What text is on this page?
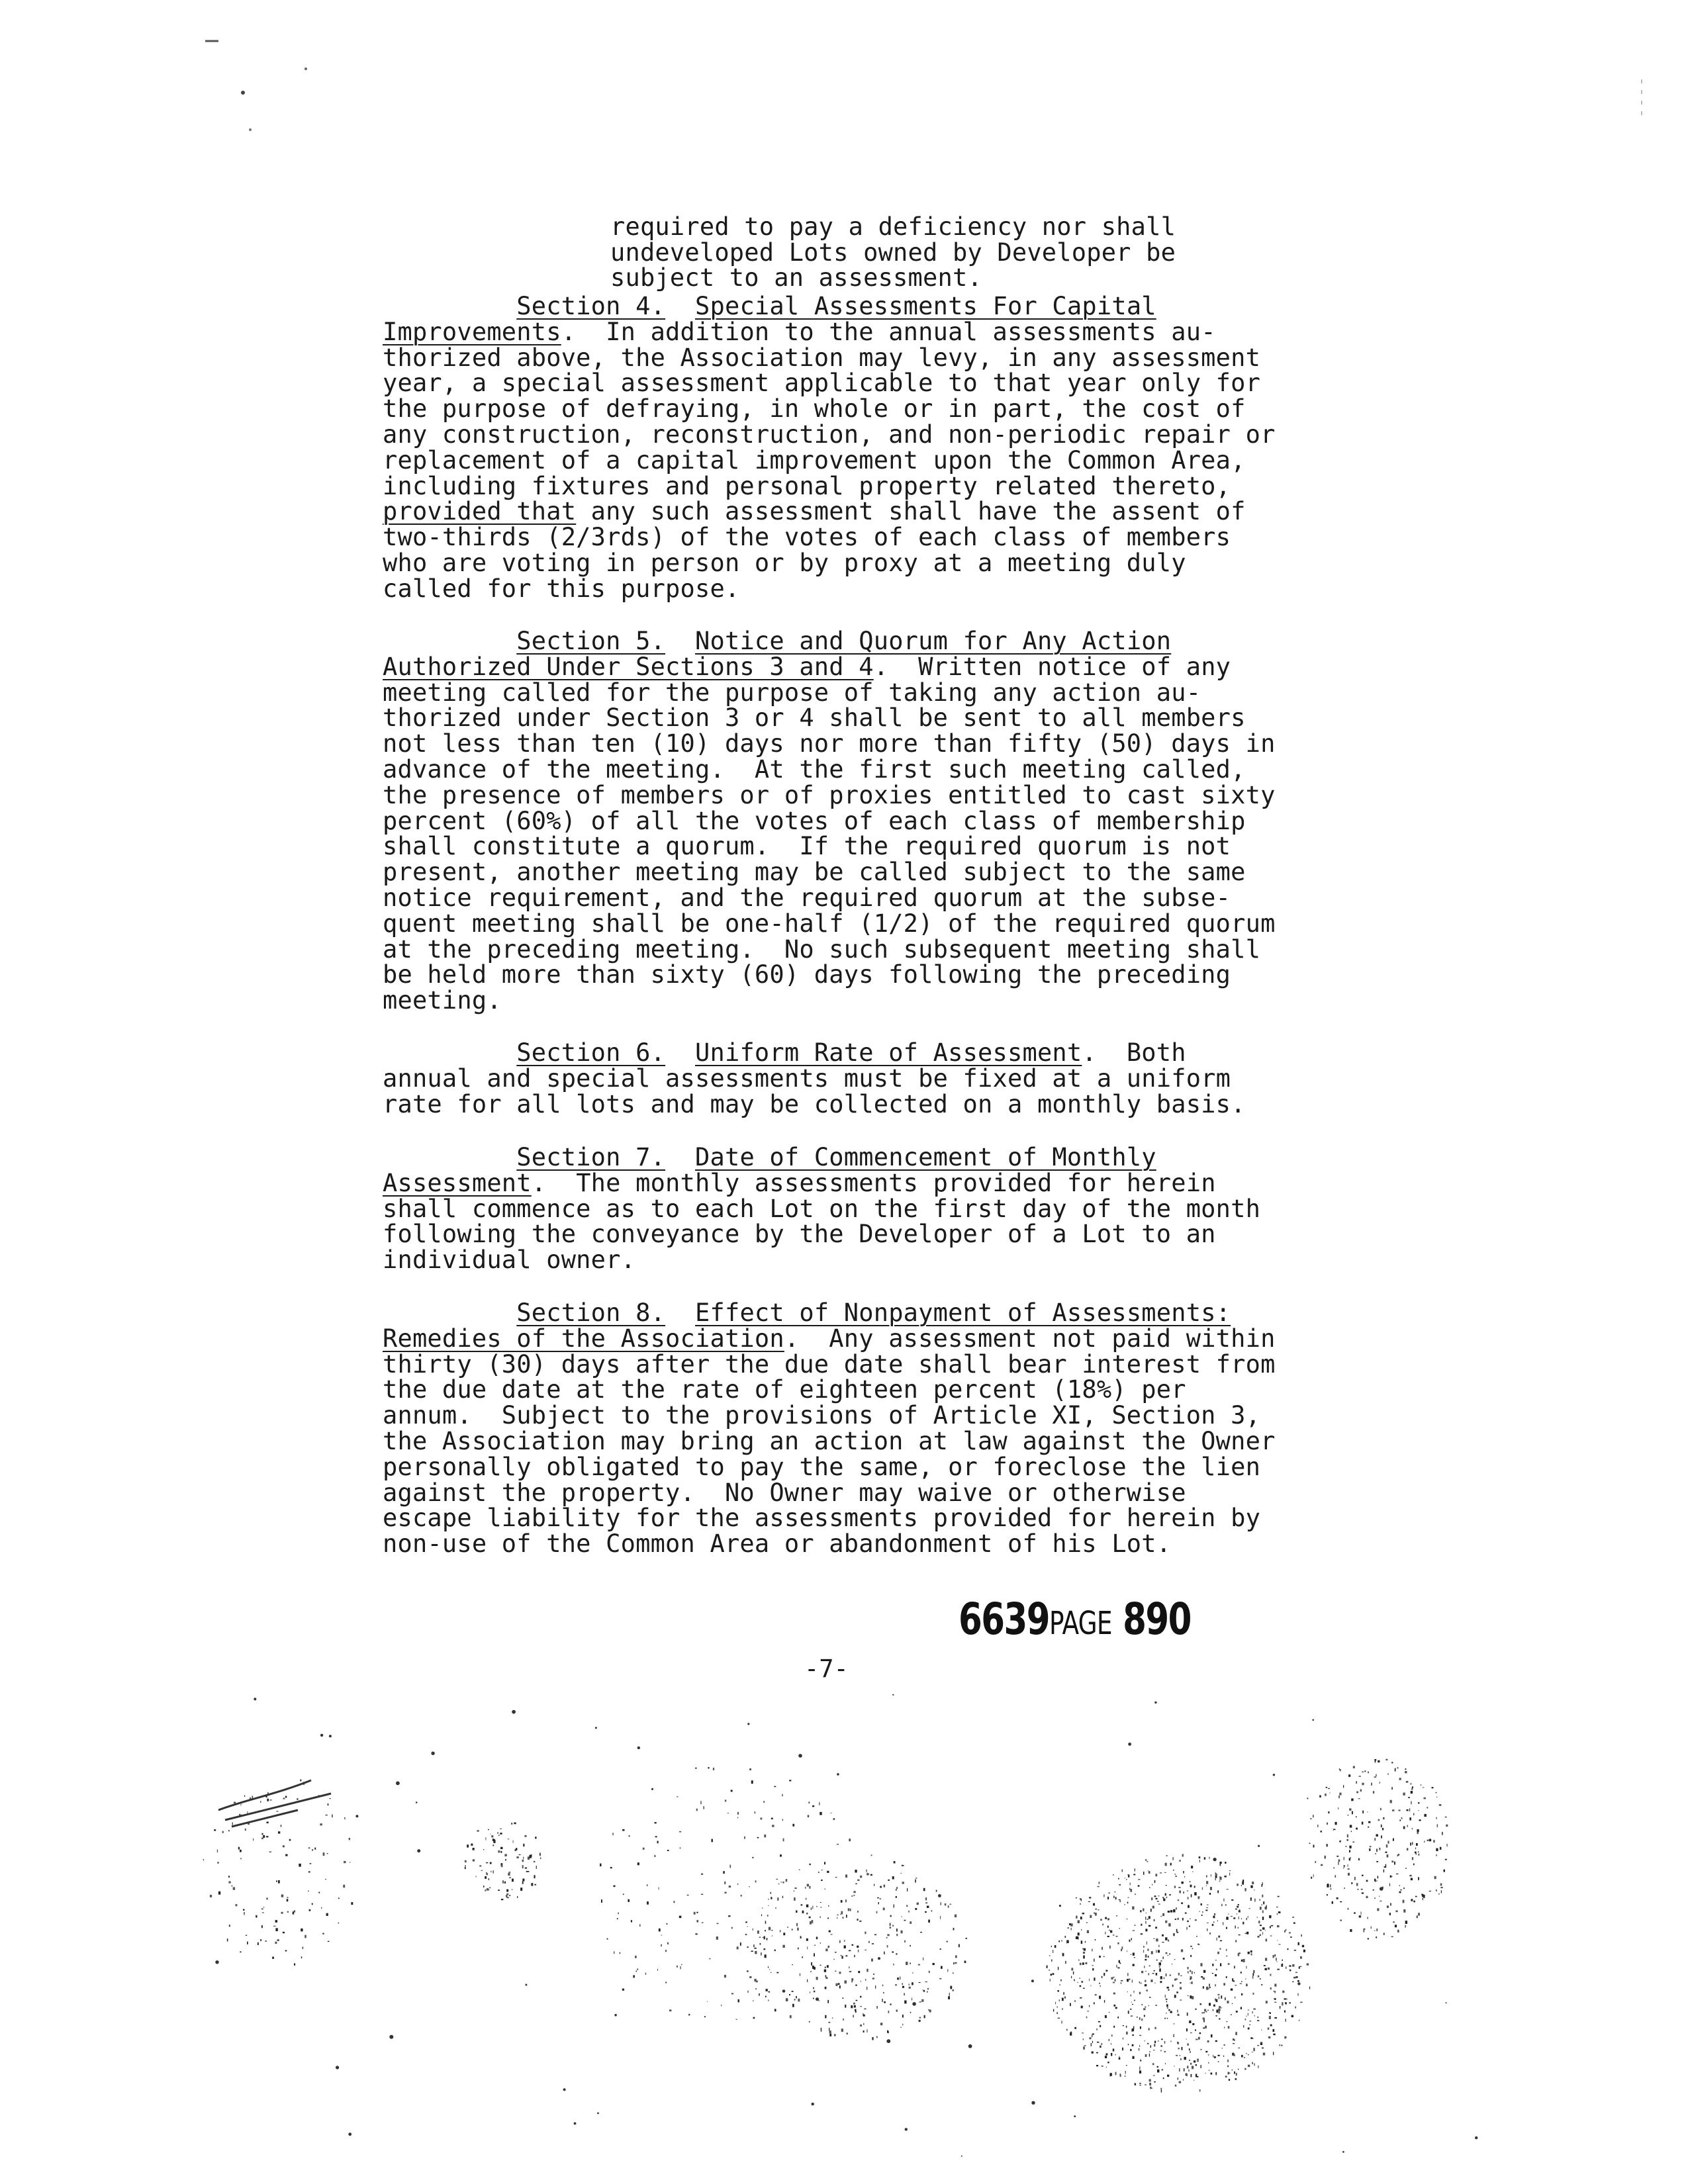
required to pay a deficiency nor shall
undeveloped Lots owned by Developer be
subject to an assessment.
Section 4. Special Assessments For Capital
Improvements.  In addition to the annual assessments au-
thorized above, the Association may levy, in any assessment
year, a special assessment applicable to that year only for
the purpose of defraying, in whole or in part, the cost of
any construction, reconstruction, and non-periodic repair or
replacement of a capital improvement upon the Common Area,
including fixtures and personal property related thereto,
provided that any such assessment shall have the assent of
two-thirds (2/3rds) of the votes of each class of members
who are voting in person or by proxy at a meeting duly
called for this purpose.
Section 5. Notice and Quorum for Any Action
Authorized Under Sections 3 and 4.  Written notice of any
meeting called for the purpose of taking any action au-
thorized under Section 3 or 4 shall be sent to all members
not less than ten (10) days nor more than fifty (50) days in
advance of the meeting.  At the first such meeting called,
the presence of members or of proxies entitled to cast sixty
percent (60%) of all the votes of each class of membership
shall constitute a quorum.  If the required quorum is not
present, another meeting may be called subject to the same
notice requirement, and the required quorum at the subse-
quent meeting shall be one-half (1/2) of the required quorum
at the preceding meeting.  No such subsequent meeting shall
be held more than sixty (60) days following the preceding
meeting.
Section 6. Uniform Rate of Assessment.  Both
annual and special assessments must be fixed at a uniform
rate for all lots and may be collected on a monthly basis.
Section 7. Date of Commencement of Monthly
Assessment.  The monthly assessments provided for herein
shall commence as to each Lot on the first day of the month
following the conveyance by the Developer of a Lot to an
individual owner.
Section 8. Effect of Nonpayment of Assessments:
Remedies of the Association.  Any assessment not paid within
thirty (30) days after the due date shall bear interest from
the due date at the rate of eighteen percent (18%) per
annum.  Subject to the provisions of Article XI, Section 3,
the Association may bring an action at law against the Owner
personally obligated to pay the same, or foreclose the lien
against the property.  No Owner may waive or otherwise
escape liability for the assessments provided for herein by
non-use of the Common Area or abandonment of his Lot.
6639PAGE 890
-7-
